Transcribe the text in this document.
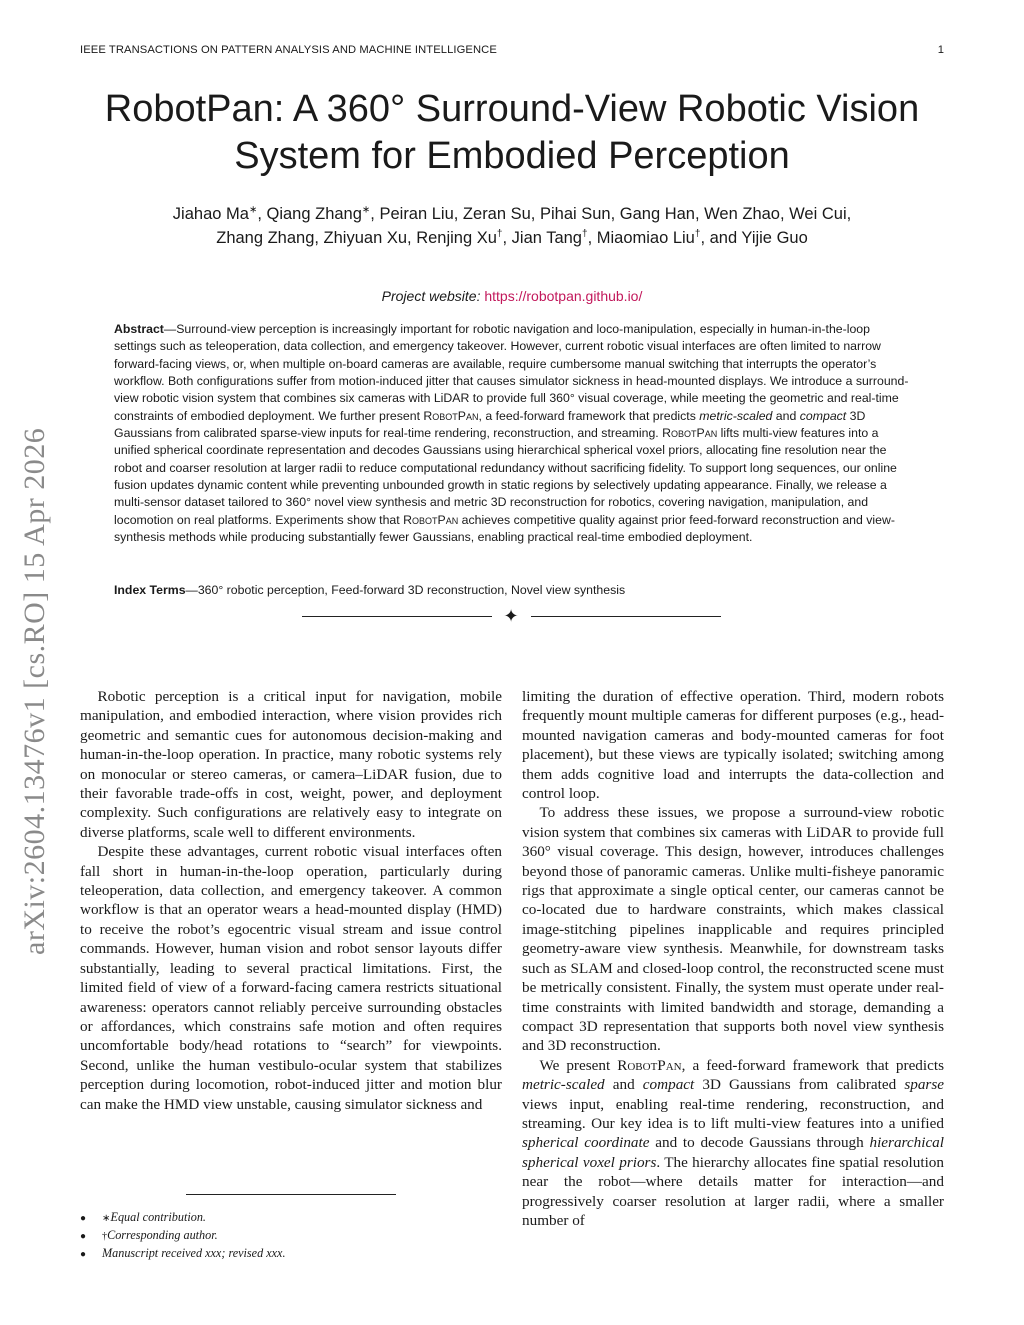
IEEE TRANSACTIONS ON PATTERN ANALYSIS AND MACHINE INTELLIGENCE	1
RobotPan: A 360° Surround-View Robotic Vision
System for Embodied Perception
Jiahao Ma∗, Qiang Zhang∗, Peiran Liu, Zeran Su, Pihai Sun, Gang Han, Wen Zhao, Wei Cui,
Zhang Zhang, Zhiyuan Xu, Renjing Xu†, Jian Tang†, Miaomiao Liu†, and Yijie Guo
Project website: https://robotpan.github.io/
Abstract—Surround-view perception is increasingly important for robotic navigation and loco-manipulation, especially in human-in-the-loop settings such as teleoperation, data collection, and emergency takeover. However, current robotic visual interfaces are often limited to narrow forward-facing views, or, when multiple on-board cameras are available, require cumbersome manual switching that interrupts the operator’s workflow. Both configurations suffer from motion-induced jitter that causes simulator sickness in head-mounted displays. We introduce a surround-view robotic vision system that combines six cameras with LiDAR to provide full 360° visual coverage, while meeting the geometric and real-time constraints of embodied deployment. We further present RobotPan, a feed-forward framework that predicts metric-scaled and compact 3D Gaussians from calibrated sparse-view inputs for real-time rendering, reconstruction, and streaming. RobotPan lifts multi-view features into a unified spherical coordinate representation and decodes Gaussians using hierarchical spherical voxel priors, allocating fine resolution near the robot and coarser resolution at larger radii to reduce computational redundancy without sacrificing fidelity. To support long sequences, our online fusion updates dynamic content while preventing unbounded growth in static regions by selectively updating appearance. Finally, we release a multi-sensor dataset tailored to 360° novel view synthesis and metric 3D reconstruction for robotics, covering navigation, manipulation, and locomotion on real platforms. Experiments show that RobotPan achieves competitive quality against prior feed-forward reconstruction and view-synthesis methods while producing substantially fewer Gaussians, enabling practical real-time embodied deployment.
Index Terms—360° robotic perception, Feed-forward 3D reconstruction, Novel view synthesis
✦
arXiv:2604.13476v1 [cs.RO] 15 Apr 2026	Robotic perception is a critical input for navigation, mobile manipulation, and embodied interaction, where vision provides rich geometric and semantic cues for autonomous decision-making and human-in-the-loop operation. In practice, many robotic systems rely on monocular or stereo cameras, or camera–LiDAR fusion, due to their favorable trade-offs in cost, weight, power, and deployment complexity. Such configurations are relatively easy to integrate on diverse platforms, scale well to different environments.

Despite these advantages, current robotic visual interfaces often fall short in human-in-the-loop operation, particularly during teleoperation, data collection, and emergency takeover. A common workflow is that an operator wears a head-mounted display (HMD) to receive the robot’s egocentric visual stream and issue control commands. However, human vision and robot sensor layouts differ substantially, leading to several practical limitations. First, the limited field of view of a forward-facing camera restricts situational awareness: operators cannot reliably perceive surrounding obstacles or affordances, which constrains safe motion and often requires uncomfortable body/head rotations to “search” for viewpoints. Second, unlike the human vestibulo-ocular system that stabilizes perception during locomotion, robot-induced jitter and motion blur can make the HMD view unstable, causing simulator sickness and

limiting the duration of effective operation. Third, modern robots frequently mount multiple cameras for different purposes (e.g., head-mounted navigation cameras and body-mounted cameras for foot placement), but these views are typically isolated; switching among them adds cognitive load and interrupts the data-collection and control loop.

To address these issues, we propose a surround-view robotic vision system that combines six cameras with LiDAR to provide full 360° visual coverage. This design, however, introduces challenges beyond those of panoramic cameras. Unlike multi-fisheye panoramic rigs that approximate a single optical center, our cameras cannot be co-located due to hardware constraints, which makes classical image-stitching pipelines inapplicable and requires principled geometry-aware view synthesis. Meanwhile, for downstream tasks such as SLAM and closed-loop control, the reconstructed scene must be metrically consistent. Finally, the system must operate under real-time constraints with limited bandwidth and storage, demanding a compact 3D representation that supports both novel view synthesis and 3D reconstruction.

We present RobotPan, a feed-forward framework that predicts metric-scaled and compact 3D Gaussians from calibrated sparse views input, enabling real-time rendering, reconstruction, and streaming. Our key idea is to lift multi-view features into a unified spherical coordinate and to decode Gaussians through hierarchical spherical voxel priors. The hierarchy allocates fine spatial resolution near the robot—where details matter for interaction—and progressively coarser resolution at larger radii, where a smaller number of

●	∗ Equal contribution.
●	† Corresponding author.
●	Manuscript received xxx; revised xxx.
